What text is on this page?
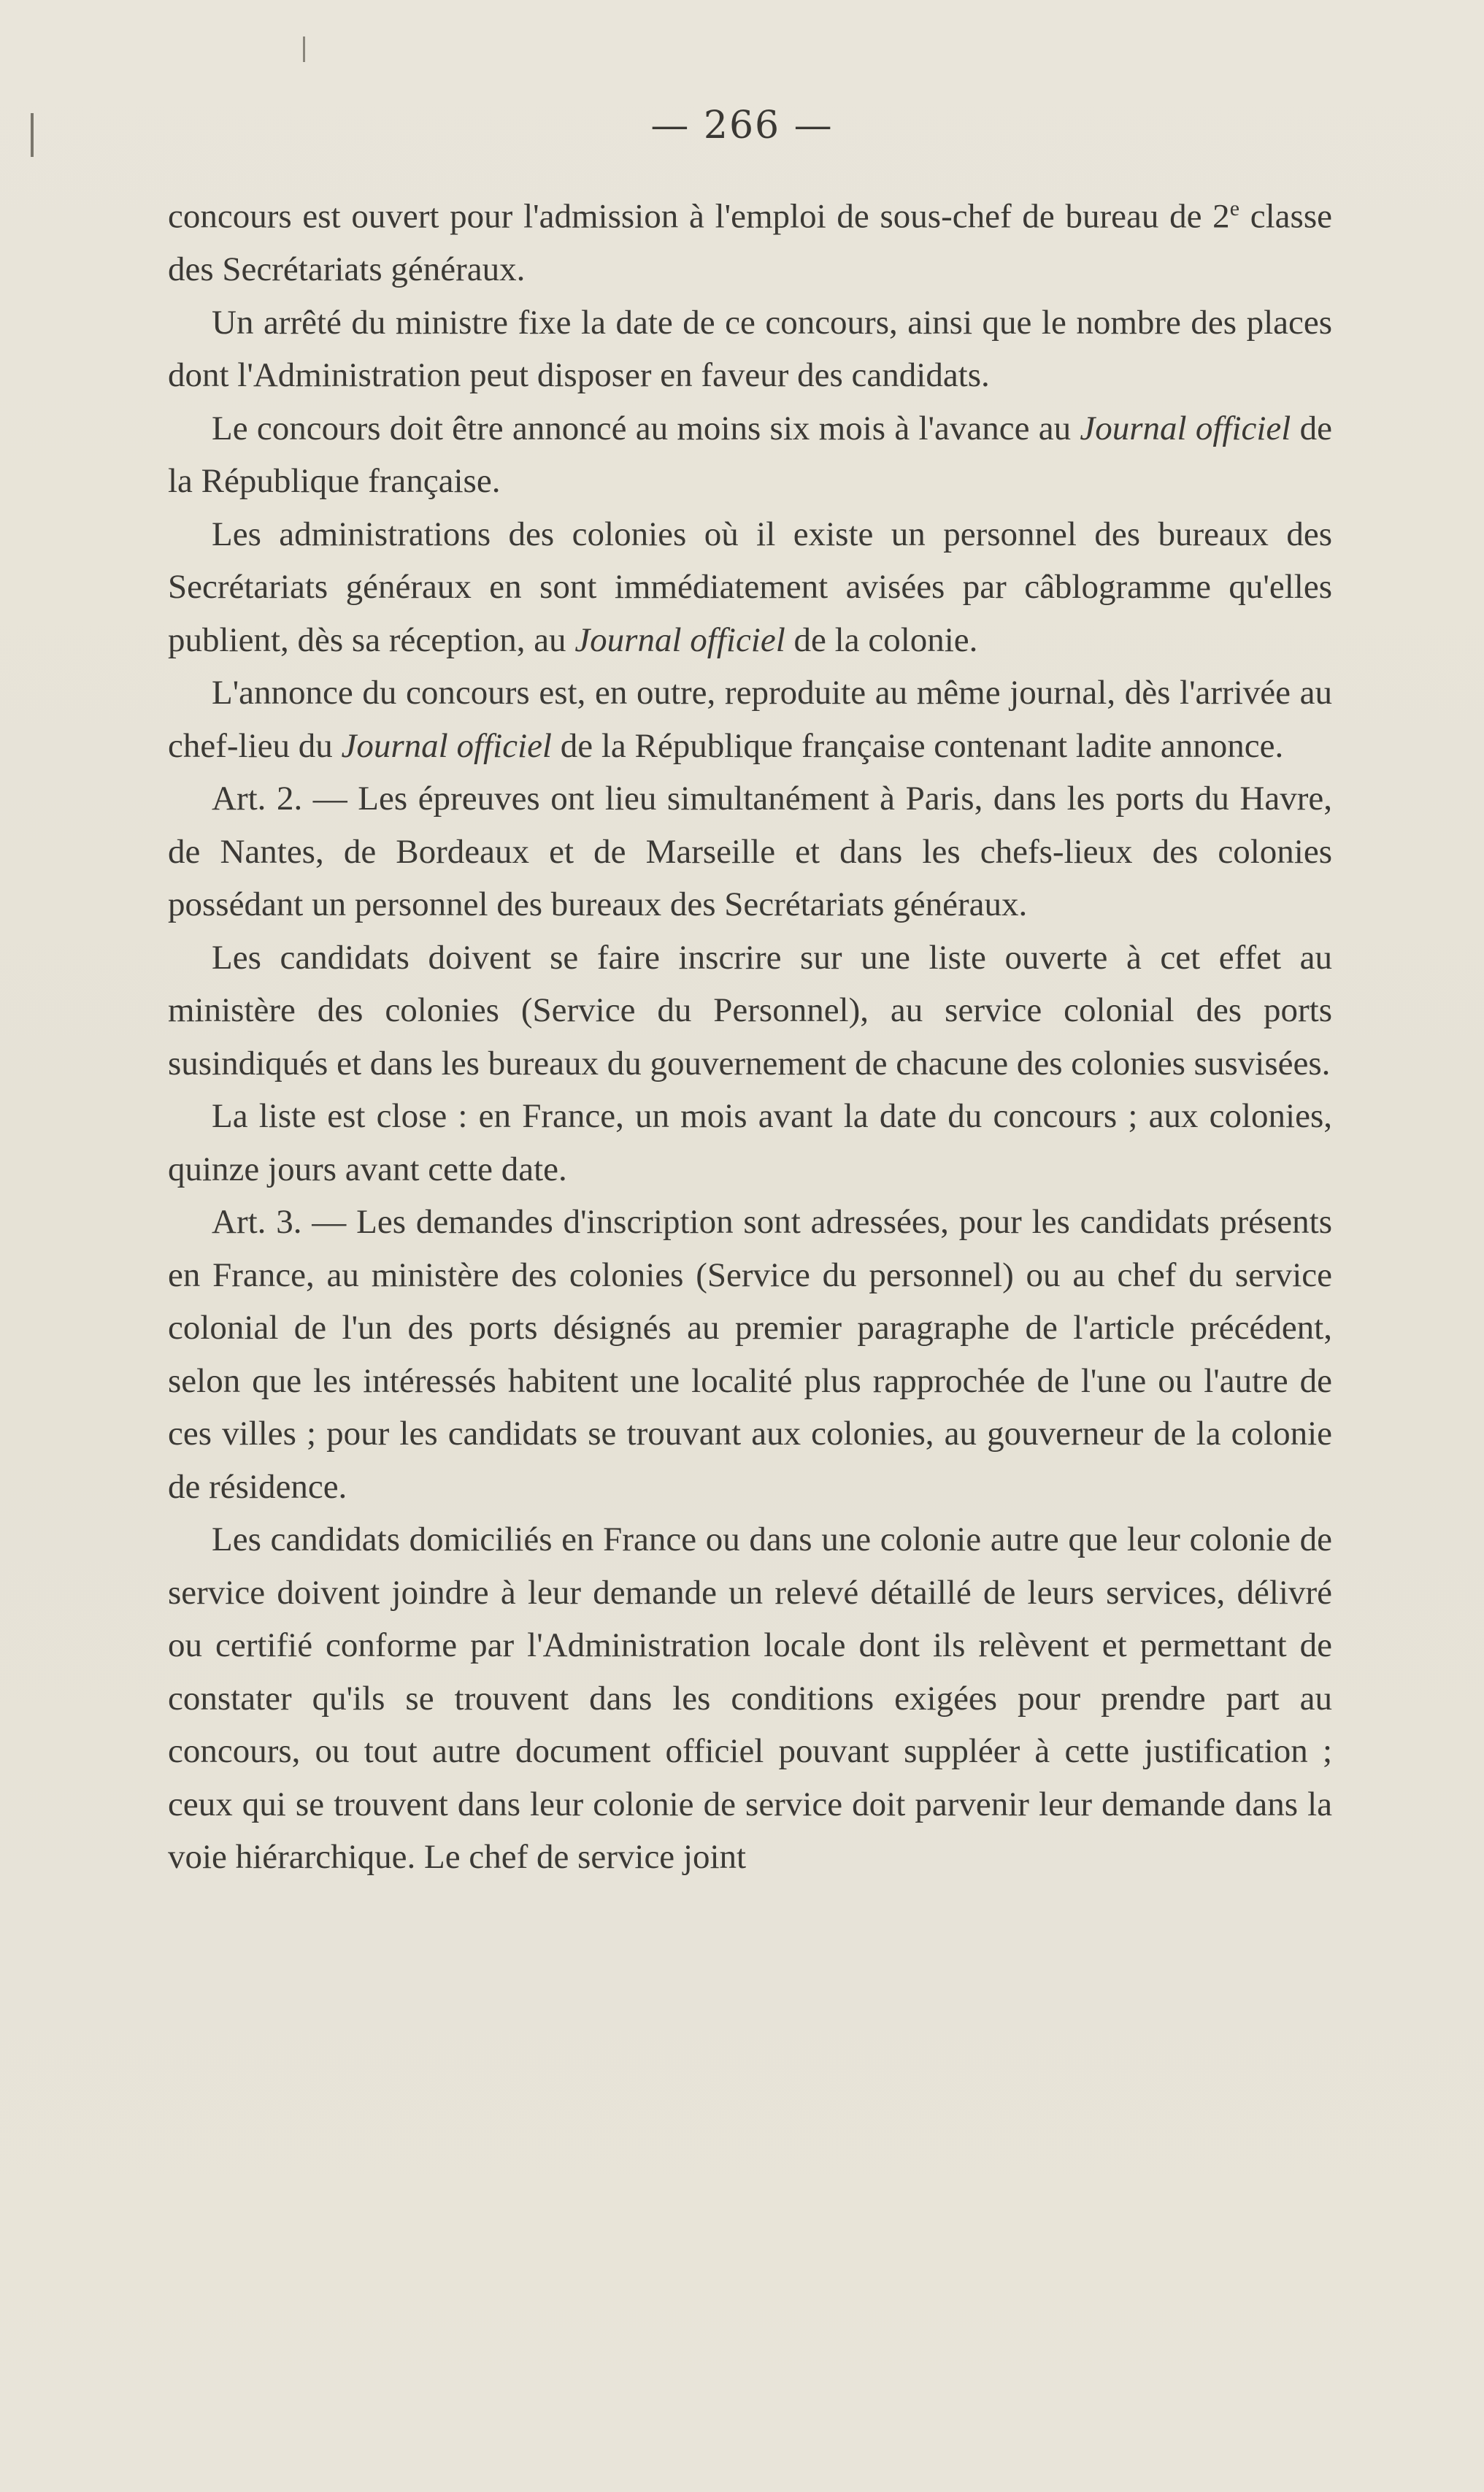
— 266 —

concours est ouvert pour l'admission à l'emploi de sous-chef de bureau de 2e classe des Secrétariats généraux.

Un arrêté du ministre fixe la date de ce concours, ainsi que le nombre des places dont l'Administration peut disposer en faveur des candidats.

Le concours doit être annoncé au moins six mois à l'avance au Journal officiel de la République française.

Les administrations des colonies où il existe un personnel des bureaux des Secrétariats généraux en sont immédiatement avisées par câblogramme qu'elles publient, dès sa réception, au Journal officiel de la colonie.

L'annonce du concours est, en outre, reproduite au même journal, dès l'arrivée au chef-lieu du Journal officiel de la République française contenant ladite annonce.

Art. 2. — Les épreuves ont lieu simultanément à Paris, dans les ports du Havre, de Nantes, de Bordeaux et de Marseille et dans les chefs-lieux des colonies possédant un personnel des bureaux des Secrétariats généraux.

Les candidats doivent se faire inscrire sur une liste ouverte à cet effet au ministère des colonies (Service du Personnel), au service colonial des ports susindiqués et dans les bureaux du gouvernement de chacune des colonies susvisées.

La liste est close : en France, un mois avant la date du concours ; aux colonies, quinze jours avant cette date.

Art. 3. — Les demandes d'inscription sont adressées, pour les candidats présents en France, au ministère des colonies (Service du personnel) ou au chef du service colonial de l'un des ports désignés au premier paragraphe de l'article précédent, selon que les intéressés habitent une localité plus rapprochée de l'une ou l'autre de ces villes ; pour les candidats se trouvant aux colonies, au gouverneur de la colonie de résidence.

Les candidats domiciliés en France ou dans une colonie autre que leur colonie de service doivent joindre à leur demande un relevé détaillé de leurs services, délivré ou certifié conforme par l'Administration locale dont ils relèvent et permettant de constater qu'ils se trouvent dans les conditions exigées pour prendre part au concours, ou tout autre document officiel pouvant suppléer à cette justification ; ceux qui se trouvent dans leur colonie de service doit parvenir leur demande dans la voie hiérarchique. Le chef de service joint
